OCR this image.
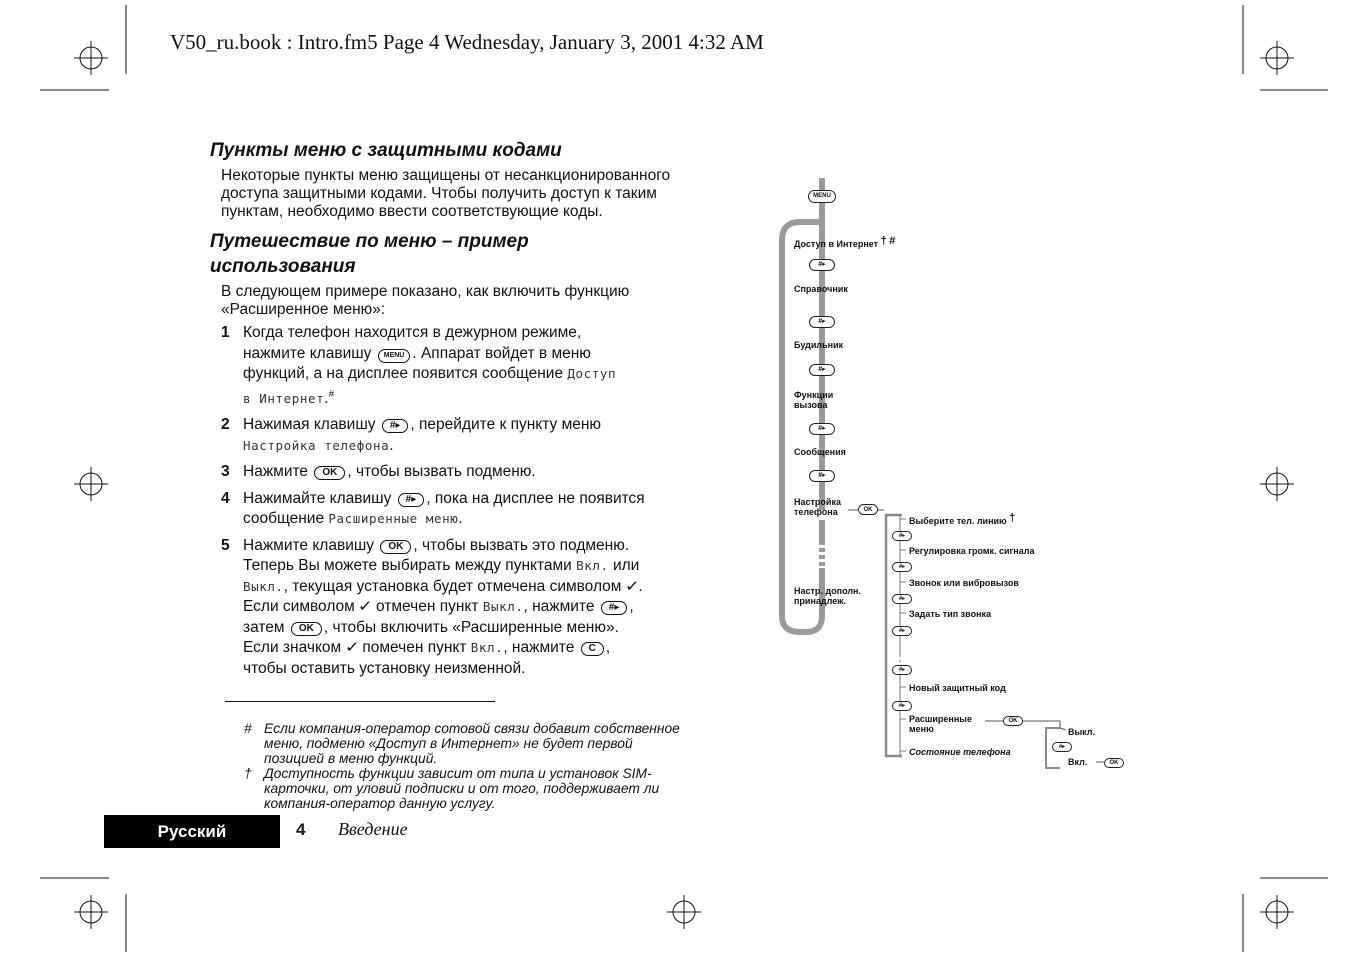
V50_ru.book : Intro.fm5 Page 4 Wednesday, January 3, 2001 4:32 AM
Пункты меню с защитными кодами
Некоторые пункты меню защищены от несанкционированного
доступа защитными кодами. Чтобы получить доступ к таким
пунктам, необходимо ввести соответствующие коды.
Путешествие по меню – пример
использования
В следующем примере показано, как включить функцию
«Расширенное меню»:
1 Когда телефон находится в дежурном режиме,
нажмите клавишу MENU . Аппарат войдет в меню
функций, а на дисплее появится сообщение Доступ
в Интернет.#
2 Нажимая клавишу #▸ , перейдите к пункту меню
Настройка телефона.
3 Нажмите OK , чтобы вызвать подменю.
4 Нажимайте клавишу #▸ , пока на дисплее не появится
сообщение Расширенные меню.
5 Нажмите клавишу OK , чтобы вызвать это подменю.
Теперь Вы можете выбирать между пунктами Вкл. или
Выкл., текущая установка будет отмечена символом ✓.
Если символом ✓ отмечен пункт Выкл., нажмите #▸ ,
затем OK , чтобы включить «Расширенные меню».
Если значком ✓ помечен пункт Вкл., нажмите C ,
чтобы оставить установку неизменной.
# Если компания-оператор сотовой связи добавит собственное меню, подменю «Доступ в Интернет» не будет первой позицией в меню функций.
† Доступность функции зависит от типа и установок SIM-карточки, от уловий подписки и от того, поддерживает ли компания-оператор данную услугу.
Русский	4 Введение
MENU
#▸
#▸
#▸
#▸
#▸
Доступ в Интернет † #
Справочник
Будильник
Функции
вызова
Сообщения
Настройка
телефона
Настр. дополн.
принадлеж.
OK
#▸
#▸
#▸
#▸
#▸
#▸
Выберите тел. линию †
Регулировка громк. сигнала
Звонок или вибровызов
Задать тип звонка
Новый защитный код
Расширенные
меню
Состояние телефона
OK
Выкл.
#▸
Вкл.	OK
